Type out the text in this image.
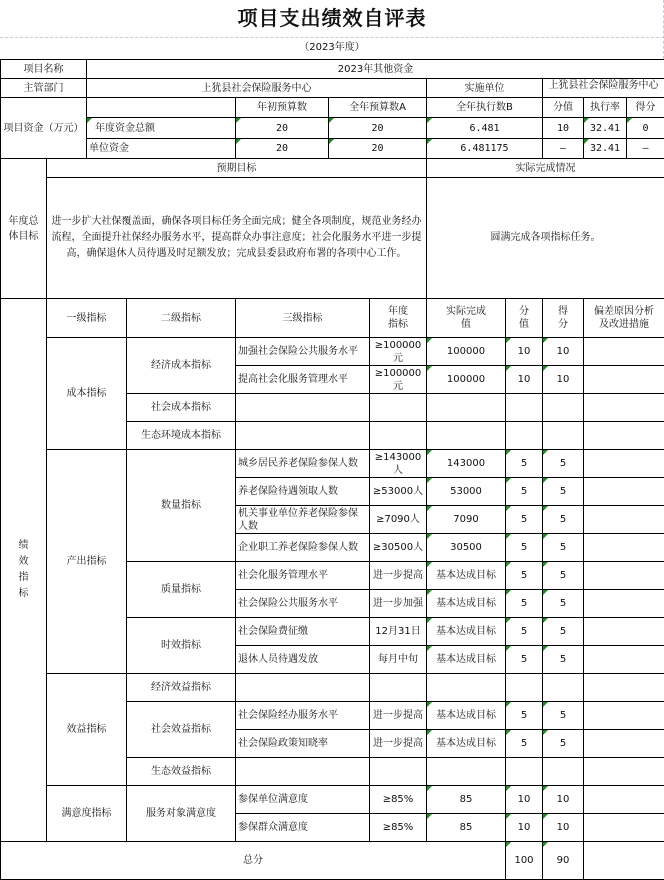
项目支出绩效自评表
（2023年度）
项目名称	2023年其他资金						
主管部门	上犹县社会保险服务中心			实施单位	上犹县社会保险服务中心		
项目资金（万元）		年初预算数	全年预算数A	全年执行数B	分值	执行率	得分
	年度资金总额	20	20	6.481	10	32.41	0
	单位资金	20	20	6.481175	—	32.41	—
年度总体目标	预期目标	实际完成情况
	进一步扩大社保覆盖面，确保各项目标任务全面完成；健全各项制度，规范业务经办流程，全面提升社保经办服务水平，提高群众办事注意度；社会化服务水平进一步提高，确保退休人员待遇及时足额发放；完成县委县政府布署的各项中心工作。	圆满完成各项指标任务。
绩效指标	一级指标	二级指标	三级指标	年度指标	实际完成值	分值	得分	偏差原因分析及改进措施

	成本指标	经济成本指标	加强社会保险公共服务水平	≥100000元	100000	10	10	
			提高社会化服务管理水平	≥100000元	100000	10	10	
		社会成本指标						
		生态环境成本指标						
	产出指标	数量指标	城乡居民养老保险参保人数	≥143000人	143000	5	5	
			养老保险待遇领取人数	≥53000人	53000	5	5	
			机关事业单位养老保险参保人数	≥7090人	7090	5	5	
			企业职工养老保险参保人数	≥30500人	30500	5	5	
		质量指标	社会化服务管理水平	进一步提高	基本达成目标	5	5	
			社会保险公共服务水平	进一步加强	基本达成目标	5	5	
		时效指标	社会保险费征缴	12月31日	基本达成目标	5	5	
			退休人员待遇发放	每月中旬	基本达成目标	5	5	
	效益指标	经济效益指标						
		社会效益指标	社会保险经办服务水平	进一步提高	基本达成目标	5	5	
			社会保险政策知晓率	进一步提高	基本达成目标	5	5	
		生态效益指标						
	满意度指标	服务对象满意度	参保单位满意度	≥85%	85	10	10	
			参保群众满意度	≥85%	85	10	10	
总分						100	90	
